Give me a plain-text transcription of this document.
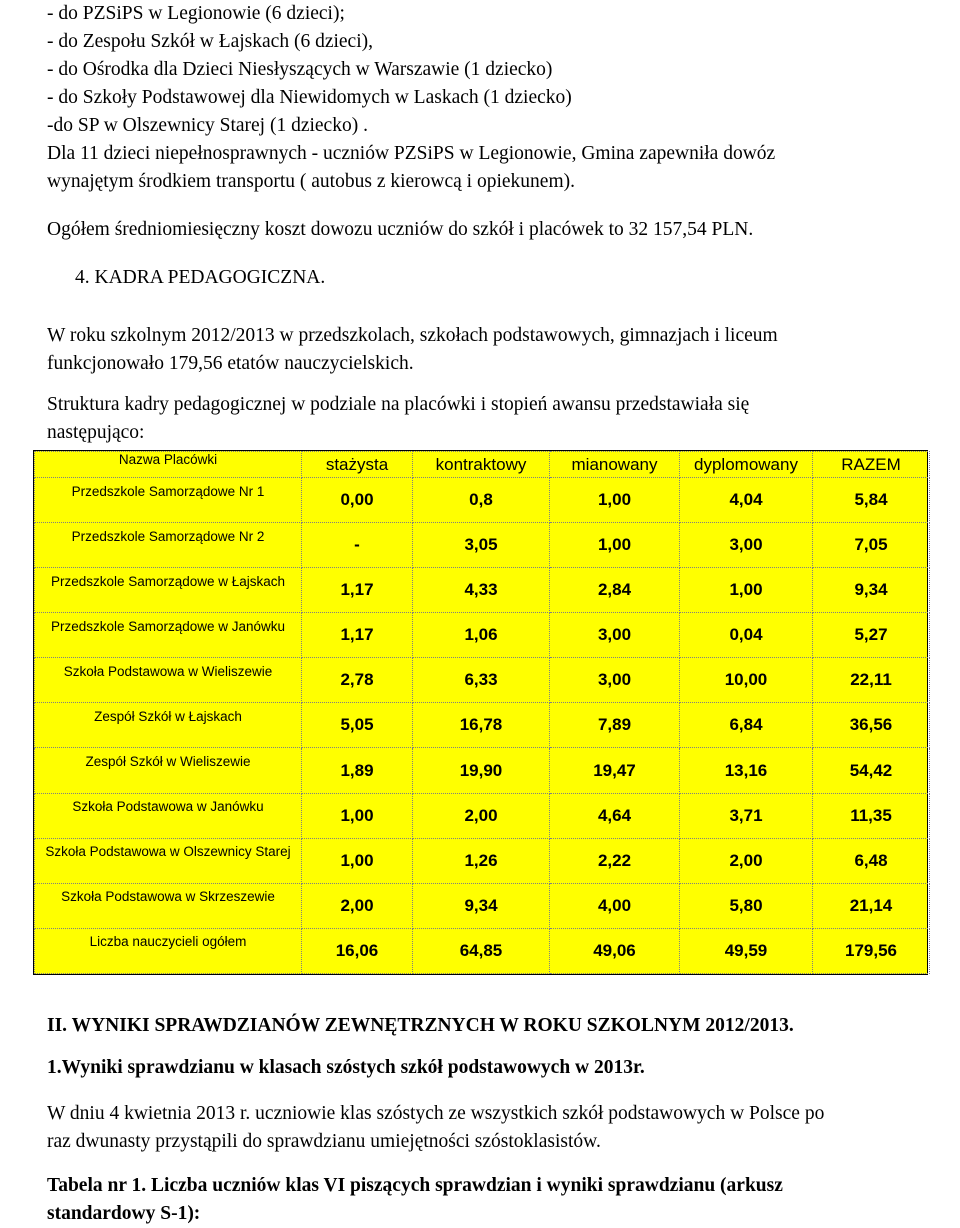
- do PZSiPS w Legionowie (6 dzieci);
- do Zespołu Szkół w Łajskach (6 dzieci),
- do Ośrodka dla Dzieci Niesłyszących w Warszawie (1 dziecko)
- do Szkoły Podstawowej dla Niewidomych w Laskach (1 dziecko)
-do SP w Olszewnicy Starej (1 dziecko) .

Dla 11 dzieci niepełnosprawnych - uczniów PZSiPS w Legionowie, Gmina zapewniła dowóz
wynajętym środkiem transportu ( autobus z kierowcą i opiekunem).

Ogółem średniomiesięczny koszt dowozu uczniów do szkół i placówek to 32 157,54 PLN.

4. KADRA PEDAGOGICZNA.

W roku szkolnym 2012/2013 w przedszkolach, szkołach podstawowych, gimnazjach i liceum
funkcjonowało 179,56 etatów nauczycielskich.

Struktura kadry pedagogicznej w podziale na placówki i stopień awansu przedstawiała się
następująco:

Nazwa Placówki	stażysta	kontraktowy	mianowany	dyplomowany	RAZEM
Przedszkole Samorządowe Nr 1	0,00	0,8	1,00	4,04	5,84
Przedszkole Samorządowe Nr 2	-	3,05	1,00	3,00	7,05
Przedszkole Samorządowe w Łajskach	1,17	4,33	2,84	1,00	9,34
Przedszkole Samorządowe w Janówku	1,17	1,06	3,00	0,04	5,27
Szkoła Podstawowa w Wieliszewie	2,78	6,33	3,00	10,00	22,11
Zespół Szkół w Łajskach	5,05	16,78	7,89	6,84	36,56
Zespół Szkół w Wieliszewie	1,89	19,90	19,47	13,16	54,42
Szkoła Podstawowa w Janówku	1,00	2,00	4,64	3,71	11,35
Szkoła Podstawowa w Olszewnicy Starej	1,00	1,26	2,22	2,00	6,48
Szkoła Podstawowa w Skrzeszewie	2,00	9,34	4,00	5,80	21,14
Liczba nauczycieli ogółem	16,06	64,85	49,06	49,59	179,56

II. WYNIKI SPRAWDZIANÓW ZEWNĘTRZNYCH W ROKU SZKOLNYM 2012/2013.

1.Wyniki sprawdzianu w klasach szóstych szkół podstawowych w 2013r.

W dniu 4 kwietnia 2013 r. uczniowie klas szóstych ze wszystkich szkół podstawowych w Polsce po
raz dwunasty przystąpili do sprawdzianu umiejętności szóstoklasistów.

Tabela nr 1. Liczba uczniów klas VI piszących sprawdzian i wyniki sprawdzianu (arkusz
standardowy S-1):
